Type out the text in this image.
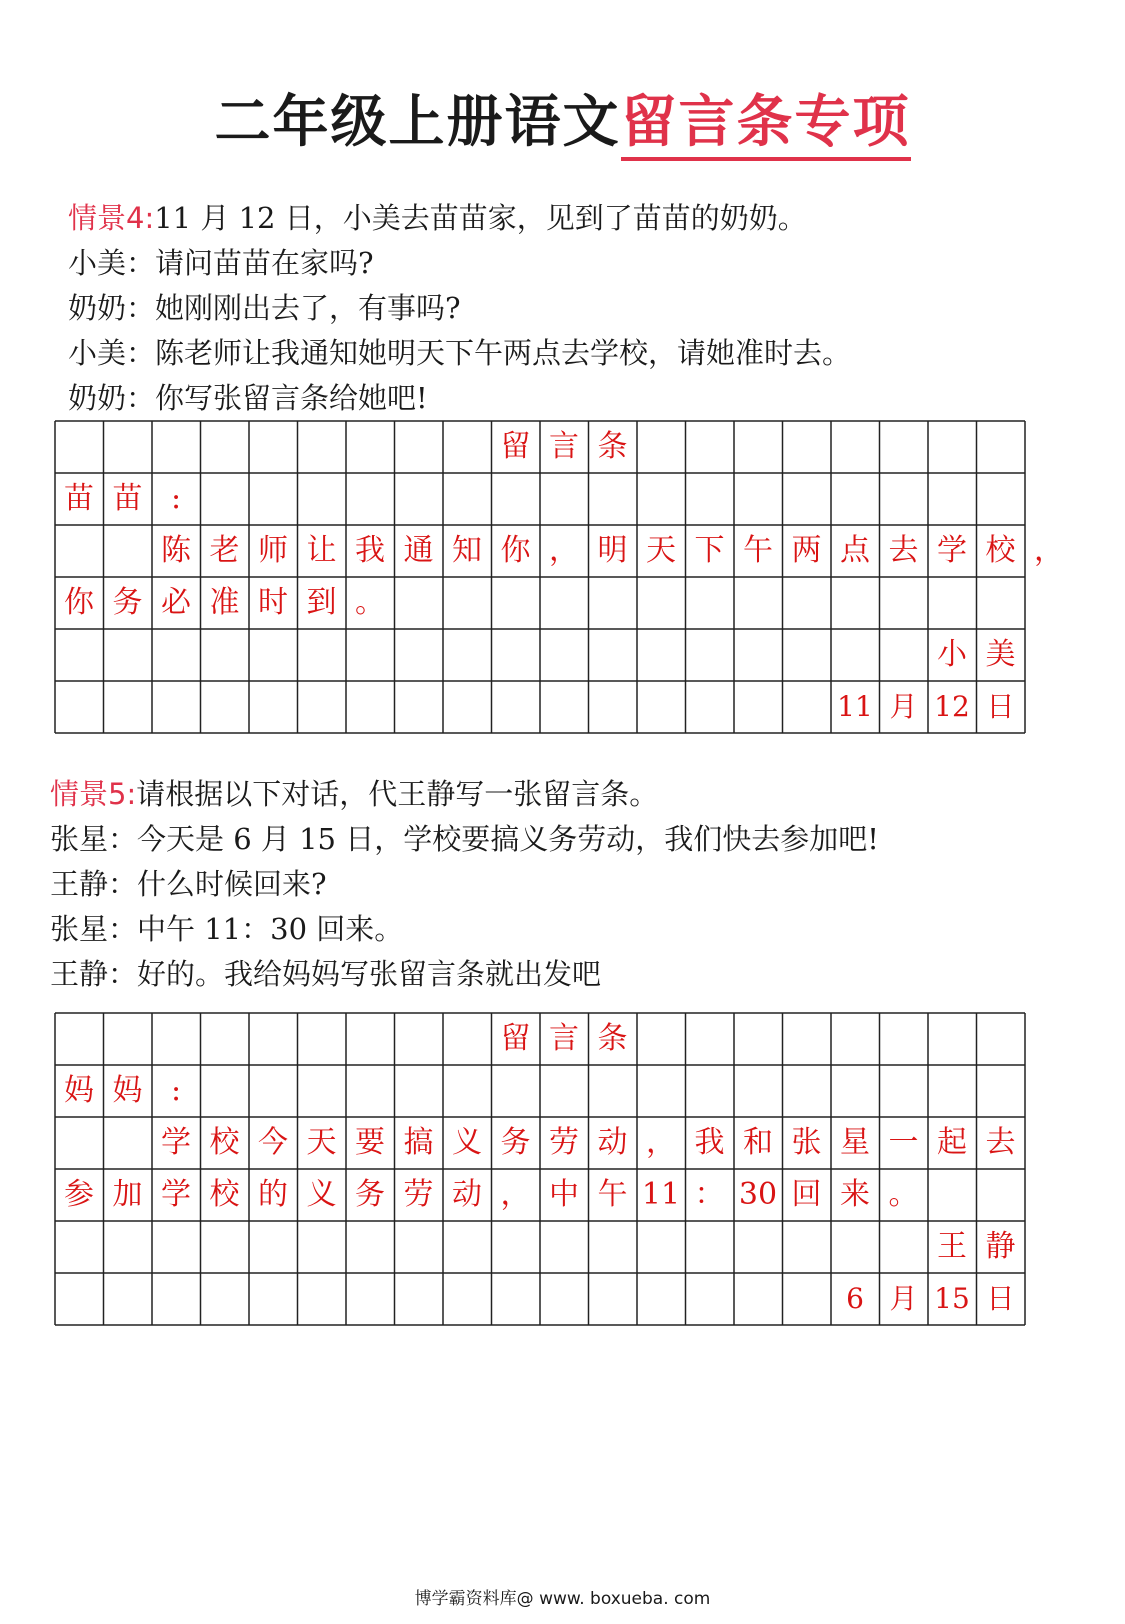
二年级上册语文留言条专项
情景4:11 月 12 日，小美去苗苗家，见到了苗苗的奶奶。
小美：请问苗苗在家吗?
奶奶：她刚刚出去了，有事吗?
小美：陈老师让我通知她明天下午两点去学校，请她准时去。
奶奶：你写张留言条给她吧!
留 言 条
苗 苗 :
陈 老 师 让 我 通 知 你 ， 明 天 下 午 两 点 去 学 校 ，
你 务 必 准 时 到 。
小 美
11 月 12 日
情景5:请根据以下对话，代王静写一张留言条。
张星：今天是 6 月 15 日，学校要搞义务劳动，我们快去参加吧!
王静：什么时候回来?
张星：中午 11：30 回来。
王静：好的。我给妈妈写张留言条就出发吧
留 言 条
妈 妈 :
学 校 今 天 要 搞 义 务 劳 动 ， 我 和 张 星 一 起 去
参 加 学 校 的 义 务 劳 动 ， 中 午 11 ： 30 回 来 。
王 静
6 月 15 日
博学霸资料库@ www. boxueba. com
